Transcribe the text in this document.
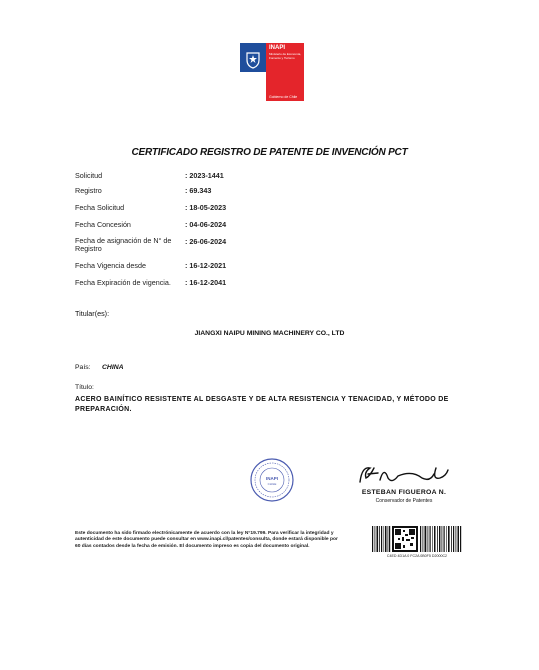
INAPI
Ministerio de Economía, Fomento y Turismo
Gobierno de Chile
CERTIFICADO REGISTRO DE PATENTE DE INVENCIÓN PCT
Solicitud	: 2023-1441
Registro	: 69.343
Fecha Solicitud	: 18-05-2023
Fecha Concesión	: 04-06-2024
Fecha de asignación de N° de Registro
: 26-06-2024
Fecha Vigencia desde	: 16-12-2021
Fecha Expiración de vigencia. : 16-12-2041
Titular(es):
JIANGXI NAIPU MINING MACHINERY CO., LTD
País: CHINA
Título:
ACERO BAINÍTICO RESISTENTE AL DESGASTE Y DE ALTA RESISTENCIA Y TENACIDAD, Y MÉTODO DE PREPARACIÓN.
INAPI
CHILE
ESTEBAN FIGUEROA N.
Conservador de Patentes
Este documento ha sido firmado electrónicamente de acuerdo con la ley N°19.799. Para verificar la integridad y autenticidad de este documento puede consultar en www.inapi.cl/patentes/consulta, donde estará disponible por 60 días contados desde la fecha de emisión. El documento impreso es copia del documento original.
C4ED 4D1A 0 FC2A 0B0F5 D2000C2
